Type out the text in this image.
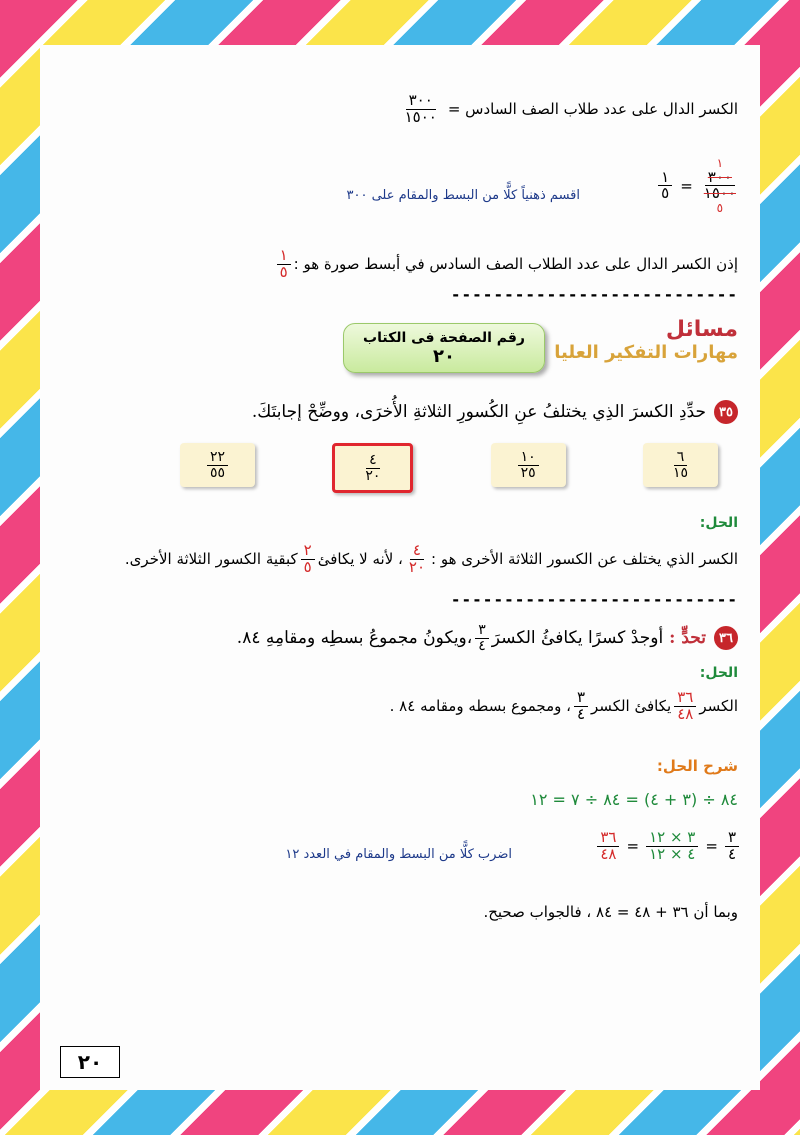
الكسر الدال على عدد طلاب الصف السادس =
$\frac{٣٠٠}{١٥٠٠}$
$\frac{١}{٥}$ =
١
٣٠٠
١٥٠٠
٥
اقسم ذهنياً كلًّا من البسط والمقام على ٣٠٠
إذن الكسر الدال على عدد الطلاب الصف السادس في أبسط صورة هو :
$\frac{١}{٥}$
---------------------------
مسائل
مهارات التفكير العليا
رقم الصفحة فى الكتاب
٢٠
٣٥
حدِّدِ الكسرَ الذِي يختلفُ عنِ الكُسورِ الثلاثةِ الأُخرَى، ووضِّحْ إجابتَكَ.
$\frac{٦}{١٥}$
$\frac{١٠}{٢٥}$
$\frac{٤}{٢٠}$
$\frac{٢٢}{٥٥}$
الحل:
الكسر الذي يختلف عن الكسور الثلاثة الأخرى هو :
$\frac{٤}{٢٠}$
، لأنه لا يكافئ
$\frac{٢}{٥}$
كبقية الكسور الثلاثة الأخرى.
---------------------------
٣٦
تحدٍّ :
أوجدْ كسرًا يكافئُ الكسرَ
$\frac{٣}{٤}$
،ويكونُ مجموعُ بسطِه ومقامِهِ ٨٤.
الحل:
الكسر
$\frac{٣٦}{٤٨}$
يكافئ الكسر
$\frac{٣}{٤}$
، ومجموع بسطه ومقامه ٨٤ .
شرح الحل:
٨٤ ÷ (٣ + ٤) = ٨٤ ÷ ٧ = ١٢
$\frac{٣}{٤}$
=
$\frac{٣ \times ١٢}{٤ \times ١٢}$
=
$\frac{٣٦}{٤٨}$
اضرب كلًّا من البسط والمقام في العدد ١٢
وبما أن ٣٦ + ٤٨ = ٨٤ ، فالجواب صحيح.
٢٠
